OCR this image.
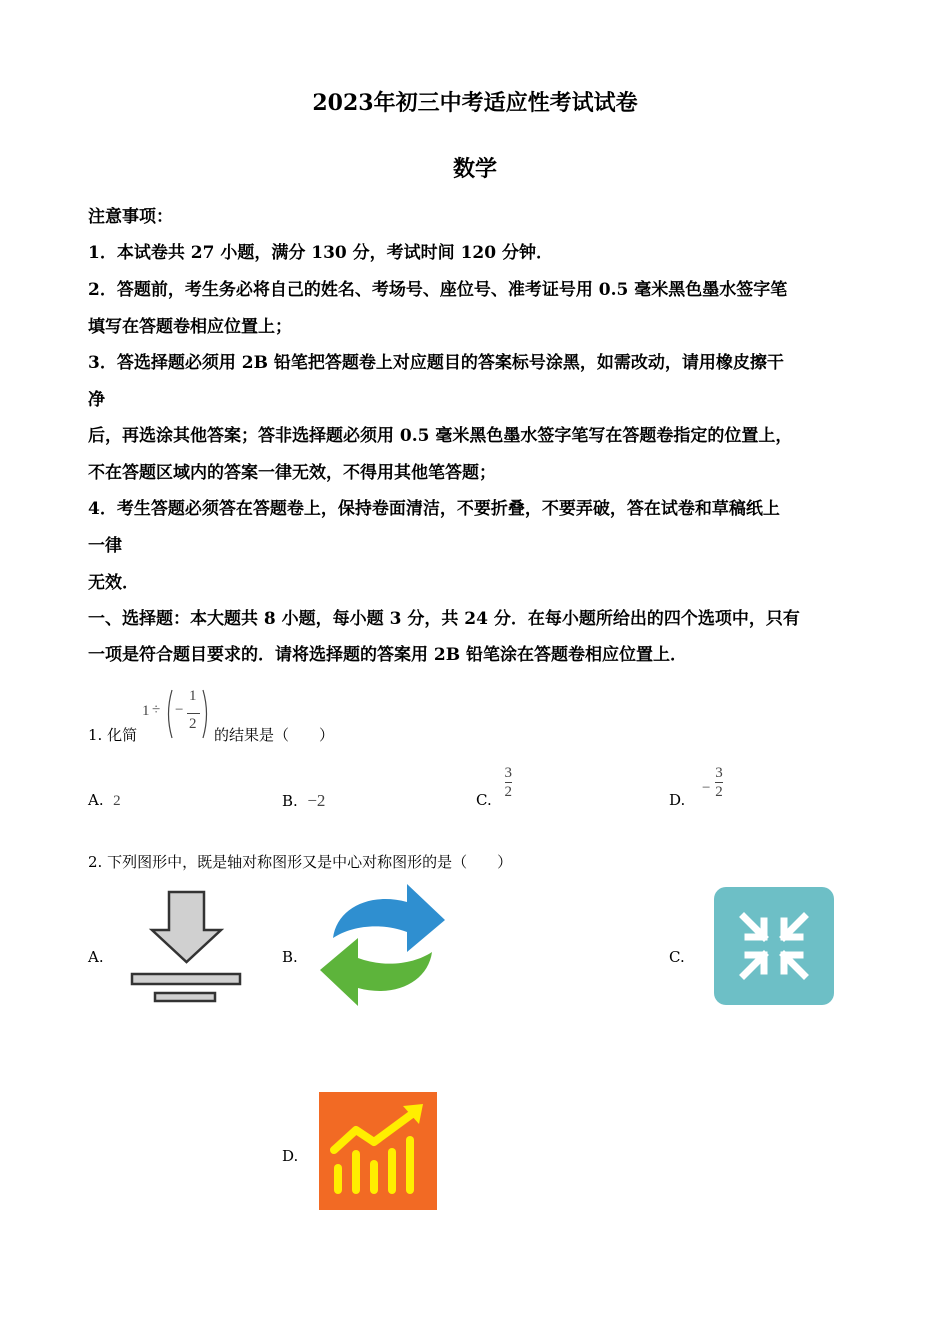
2023年初三中考适应性考试试卷
数学
注意事项：
1．本试卷共 27 小题，满分 130 分，考试时间 120 分钟．
2．答题前，考生务必将自己的姓名、考场号、座位号、准考证号用 0.5 毫米黑色墨水签字笔
填写在答题卷相应位置上；
3．答选择题必须用 2B 铅笔把答题卷上对应题目的答案标号涂黑，如需改动，请用橡皮擦干
净
后，再选涂其他答案；答非选择题必须用 0.5 毫米黑色墨水签字笔写在答题卷指定的位置上，
不在答题区域内的答案一律无效，不得用其他笔答题；
4．考生答题必须答在答题卷上，保持卷面清洁，不要折叠，不要弄破，答在试卷和草稿纸上
一律
无效．
一、选择题：本大题共 8 小题，每小题 3 分，共 24 分．在每小题所给出的四个选项中，只有
一项是符合题目要求的．请将选择题的答案用 2B 铅笔涂在答题卷相应位置上．
1. 化简
1 ÷ −
1
2
的结果是（　　）
A. 2	B. −2	C. $\frac{3}{2}$	D. − $\frac{3}{2}$
2. 下列图形中，既是轴对称图形又是中心对称图形的是（　　）
A.	B.	C.
D.
